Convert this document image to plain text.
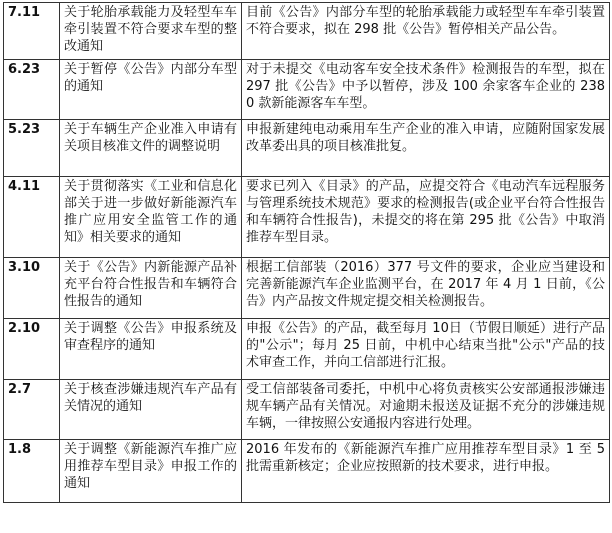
7.11	关于轮胎承载能力及轻型车车牵引装置不符合要求车型的整改通知	目前《公告》内部分车型的轮胎承载能力或轻型车车牵引装置不符合要求，拟在 298 批《公告》暂停相关产品公告。
6.23	关于暂停《公告》内部分车型的通知	对于未提交《电动客车安全技术条件》检测报告的车型，拟在 297 批《公告》中予以暂停，涉及 100 余家客车企业的 2380 款新能源客车车型。
5.23	关于车辆生产企业准入申请有关项目核准文件的调整说明	申报新建纯电动乘用车生产企业的准入申请，应随附国家发展改革委出具的项目核准批复。
4.11	关于贯彻落实《工业和信息化部关于进一步做好新能源汽车推广应用安全监管工作的通知》相关要求的通知	要求已列入《目录》的产品，应提交符合《电动汽车远程服务与管理系统技术规范》要求的检测报告(或企业平台符合性报告和车辆符合性报告)，未提交的将在第 295 批《公告》中取消推荐车型目录。
3.10	关于《公告》内新能源产品补充平台符合性报告和车辆符合性报告的通知	根据工信部装（2016）377 号文件的要求，企业应当建设和完善新能源汽车企业监测平台，在 2017 年 4 月 1 日前，《公告》内产品按文件规定提交相关检测报告。
2.10	关于调整《公告》申报系统及审查程序的通知	申报《公告》的产品，截至每月 10日（节假日顺延）进行产品的"公示"；每月 25 日前，中机中心结束当批"公示"产品的技术审查工作，并向工信部进行汇报。
2.7	关于核查涉嫌违规汽车产品有关情况的通知	受工信部装备司委托，中机中心将负责核实公安部通报涉嫌违规车辆产品有关情况。对逾期未报送及证据不充分的涉嫌违规车辆，一律按照公安通报内容进行处理。
1.8	关于调整《新能源汽车推广应用推荐车型目录》申报工作的通知	2016 年发布的《新能源汽车推广应用推荐车型目录》1 至 5 批需重新核定；企业应按照新的技术要求，进行申报。
